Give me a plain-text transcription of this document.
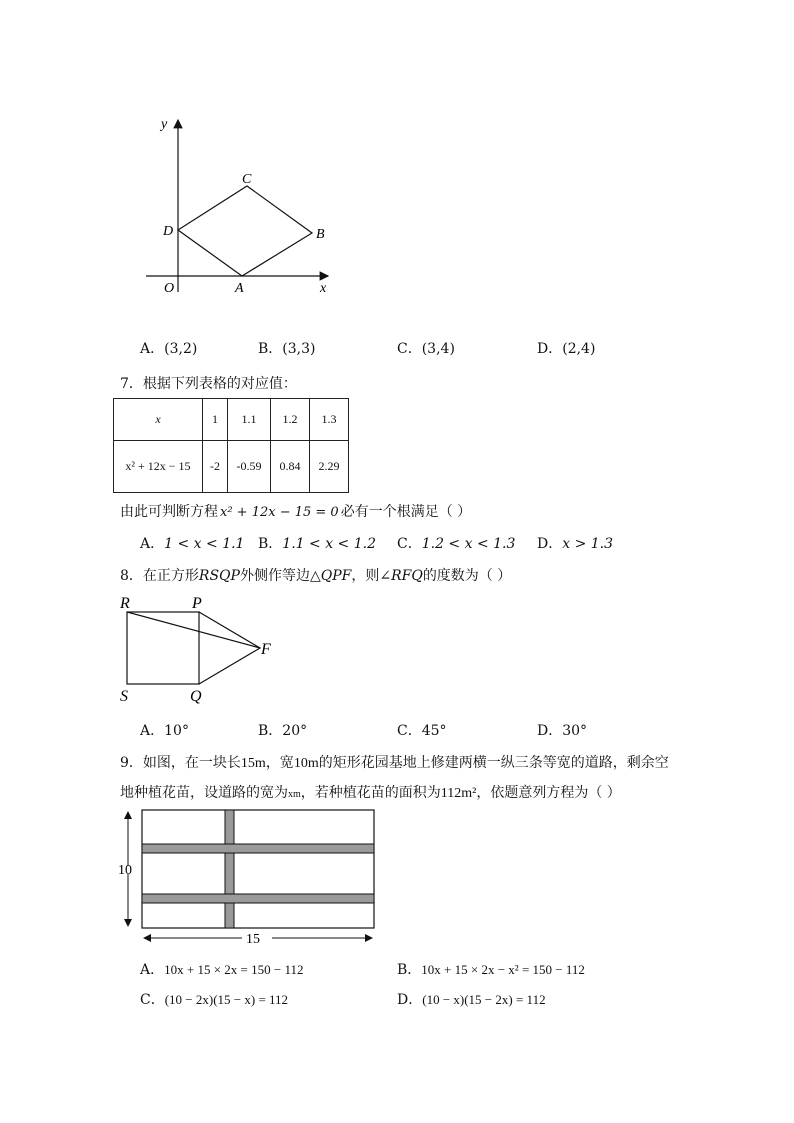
y
x
O	A
B
C
D
A．(3,2)	B．(3,3)	C．(3,4)	D．(2,4)
7．根据下列表格的对应值：
x	1	1.1	1.2	1.3
x² + 12x − 15	-2	-0.59	0.84	2.29
由此可判断方程 x² + 12x − 15 = 0 必有一个根满足（ ）
A．1 < x < 1.1 B．1.1 < x < 1.2 C．1.2 < x < 1.3 D．x > 1.3
8．在正方形RSQP外侧作等边△QPF，则∠RFQ的度数为（ ）
R	P
F
S	Q
A．10°	B．20°	C．45°	D．30°
9．如图，在一块长15m，宽10m的矩形花园基地上修建两横一纵三条等宽的道路，剩余空
地种植花苗，设道路的宽为xm，若种植花苗的面积为112m²，依题意列方程为（ ）
10
15
A．10x + 15 × 2x = 150 − 112	B．10x + 15 × 2x − x² = 150 − 112
C．(10 − 2x)(15 − x) = 112	D．(10 − x)(15 − 2x) = 112
